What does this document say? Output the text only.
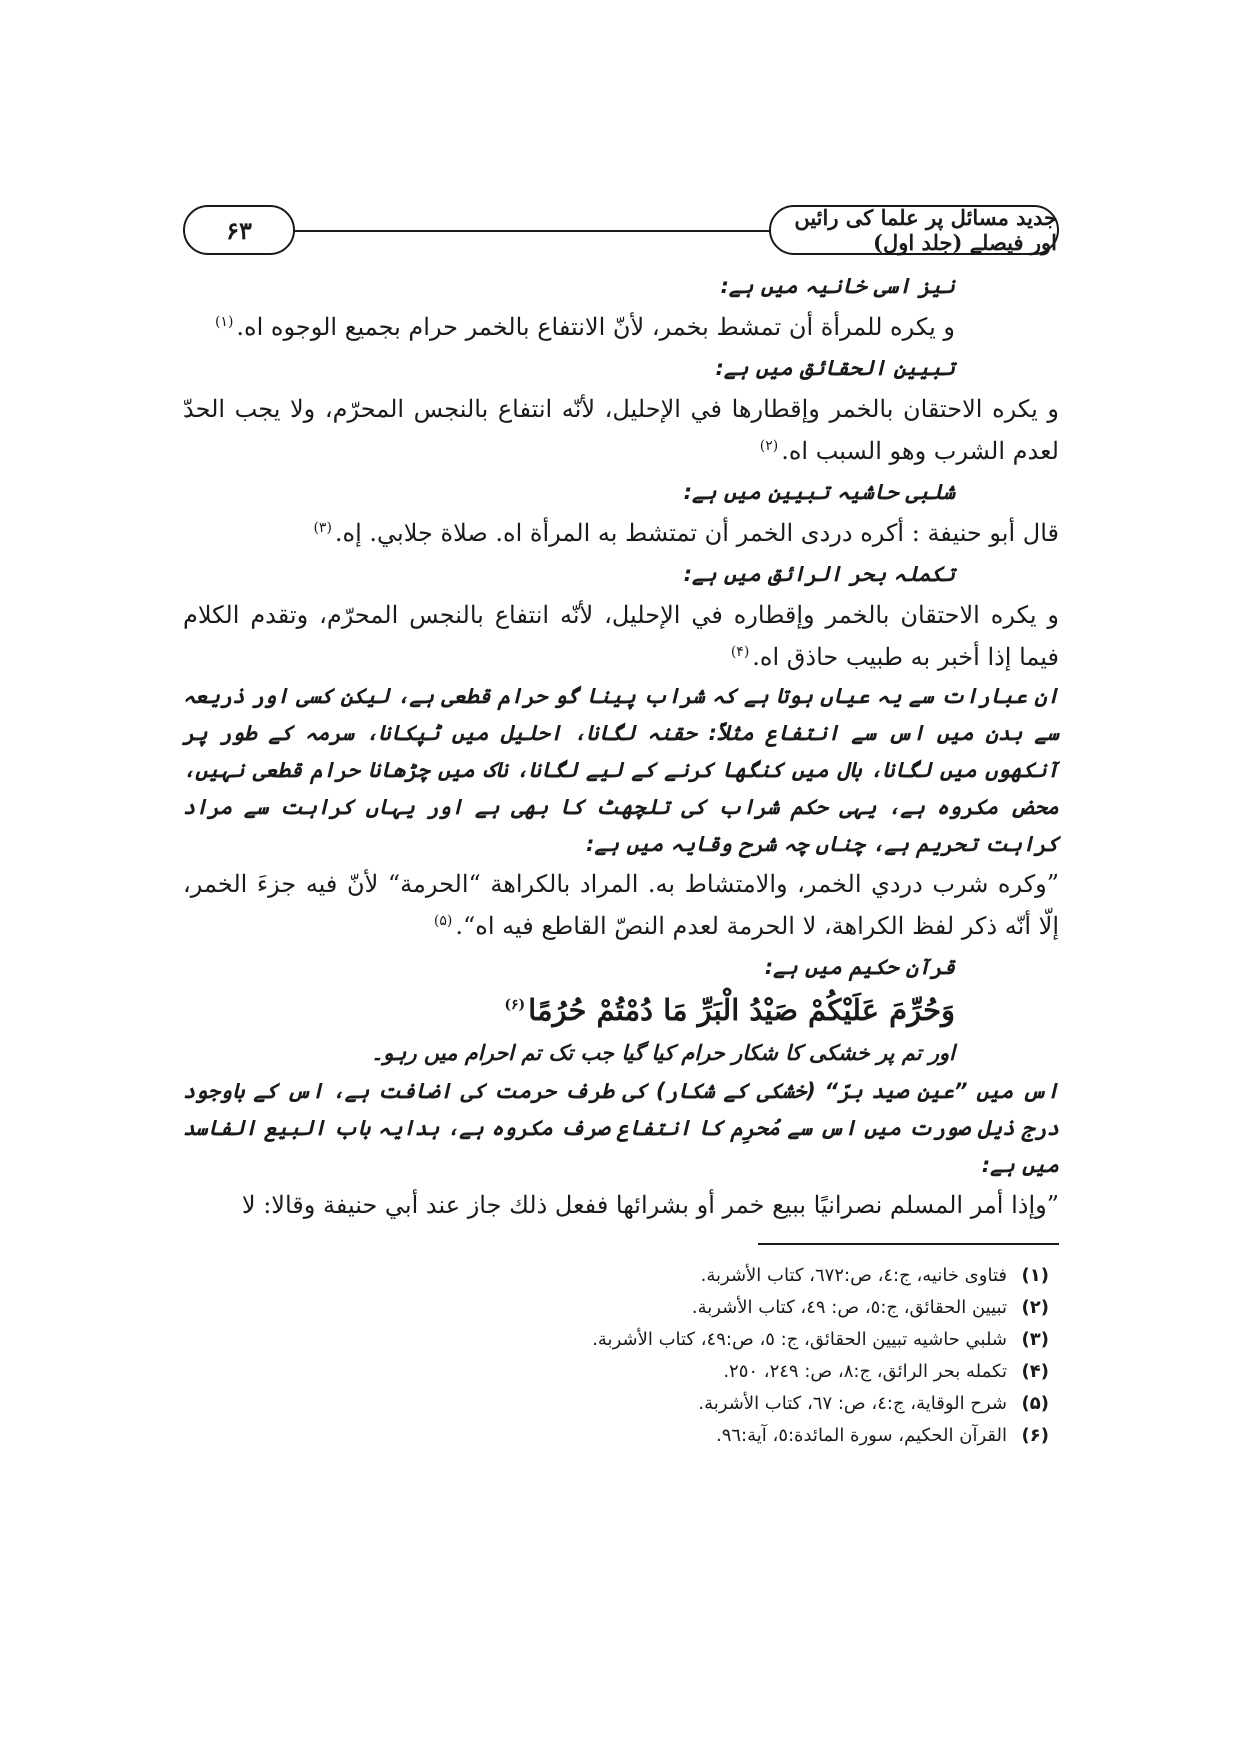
جدید مسائل پر علما کی رائیں اور فیصلے (جلد اول)
۶۳

نیز اسی خانیہ میں ہے:

و یکره للمرأة أن تمشط بخمر، لأنّ الانتفاع بالخمر حرام بجميع الوجوه اه.$^{(۱)}$

تبیین الحقائق میں ہے:

و يكره الاحتقان بالخمر وإقطارها في الإحليل، لأنّه انتفاع بالنجس المحرّم، ولا يجب الحدّ لعدم الشرب وهو السبب اه.$^{(۲)}$

شلبی حاشیہ تبیین میں ہے:

قال أبو حنيفة : أكره دردی الخمر أن تمتشط به المرأة اه. صلاة جلابي. إه.$^{(۳)}$

تکملہ بحر الرائق میں ہے:

و يكره الاحتقان بالخمر وإقطاره في الإحليل، لأنّه انتفاع بالنجس المحرّم، وتقدم الكلام فيما إذا أخبر به طبيب حاذق اه.$^{(۴)}$

ان عبارات سے یہ عیاں ہوتا ہے کہ شراب پینا گو حرام قطعی ہے، لیکن کسی اور ذریعہ سے بدن میں اس سے انتفاع مثلاً: حقنہ لگانا، احلیل میں ٹپکانا، سرمہ کے طور پر آنکھوں میں لگانا، بال میں کنگھا کرنے کے لیے لگانا، ناک میں چڑھانا حرام قطعی نہیں، محض مکروہ ہے، یہی حکم شراب کی تلچھٹ کا بھی ہے اور یہاں کراہت سے مراد کراہت تحریم ہے، چناں چہ شرح وقایہ میں ہے:

”وكره شرب دردي الخمر، والامتشاط به. المراد بالكراهة “الحرمة“ لأنّ فيه جزءَ الخمر، إلّا أنّه ذكر لفظ الكراهة، لا الحرمة لعدم النصّ القاطع فيه اه“.$^{(۵)}$

قرآن حکیم میں ہے:

وَحُرِّمَ عَلَيْكُمْ صَيْدُ الْبَرِّ مَا دُمْتُمْ حُرُمًا$^{(۶)}$

اور تم پر خشکی کا شکار حرام کیا گیا جب تک تم احرام میں رہو۔

اس میں ”عین صید برّ“ (خشکی کے شکار) کی طرف حرمت کی اضافت ہے، اس کے باوجود درج ذیل صورت میں اس سے مُحرِم کا انتفاع صرف مکروہ ہے، ہدایہ باب البیع الفاسد میں ہے:

”وإذا أمر المسلم نصرانيًا ببيع خمر أو بشرائها ففعل ذلك جاز عند أبي حنيفة وقالا: لا

(۱)فتاوی خانیه، ج:٤، ص:٦٧٢، كتاب الأشربة.
(۲)تبيين الحقائق، ج:٥، ص: ٤٩، كتاب الأشربة.
(۳)شلبي حاشيه تبيين الحقائق، ج: ٥، ص:٤٩، كتاب الأشربة.
(۴)تكمله بحر الرائق، ج:٨، ص: ٢٤٩، ٢٥٠.
(۵)شرح الوقاية، ج:٤، ص: ٦٧، كتاب الأشربة.
(۶)القرآن الحكيم، سورة المائدة:٥، آية:٩٦.
